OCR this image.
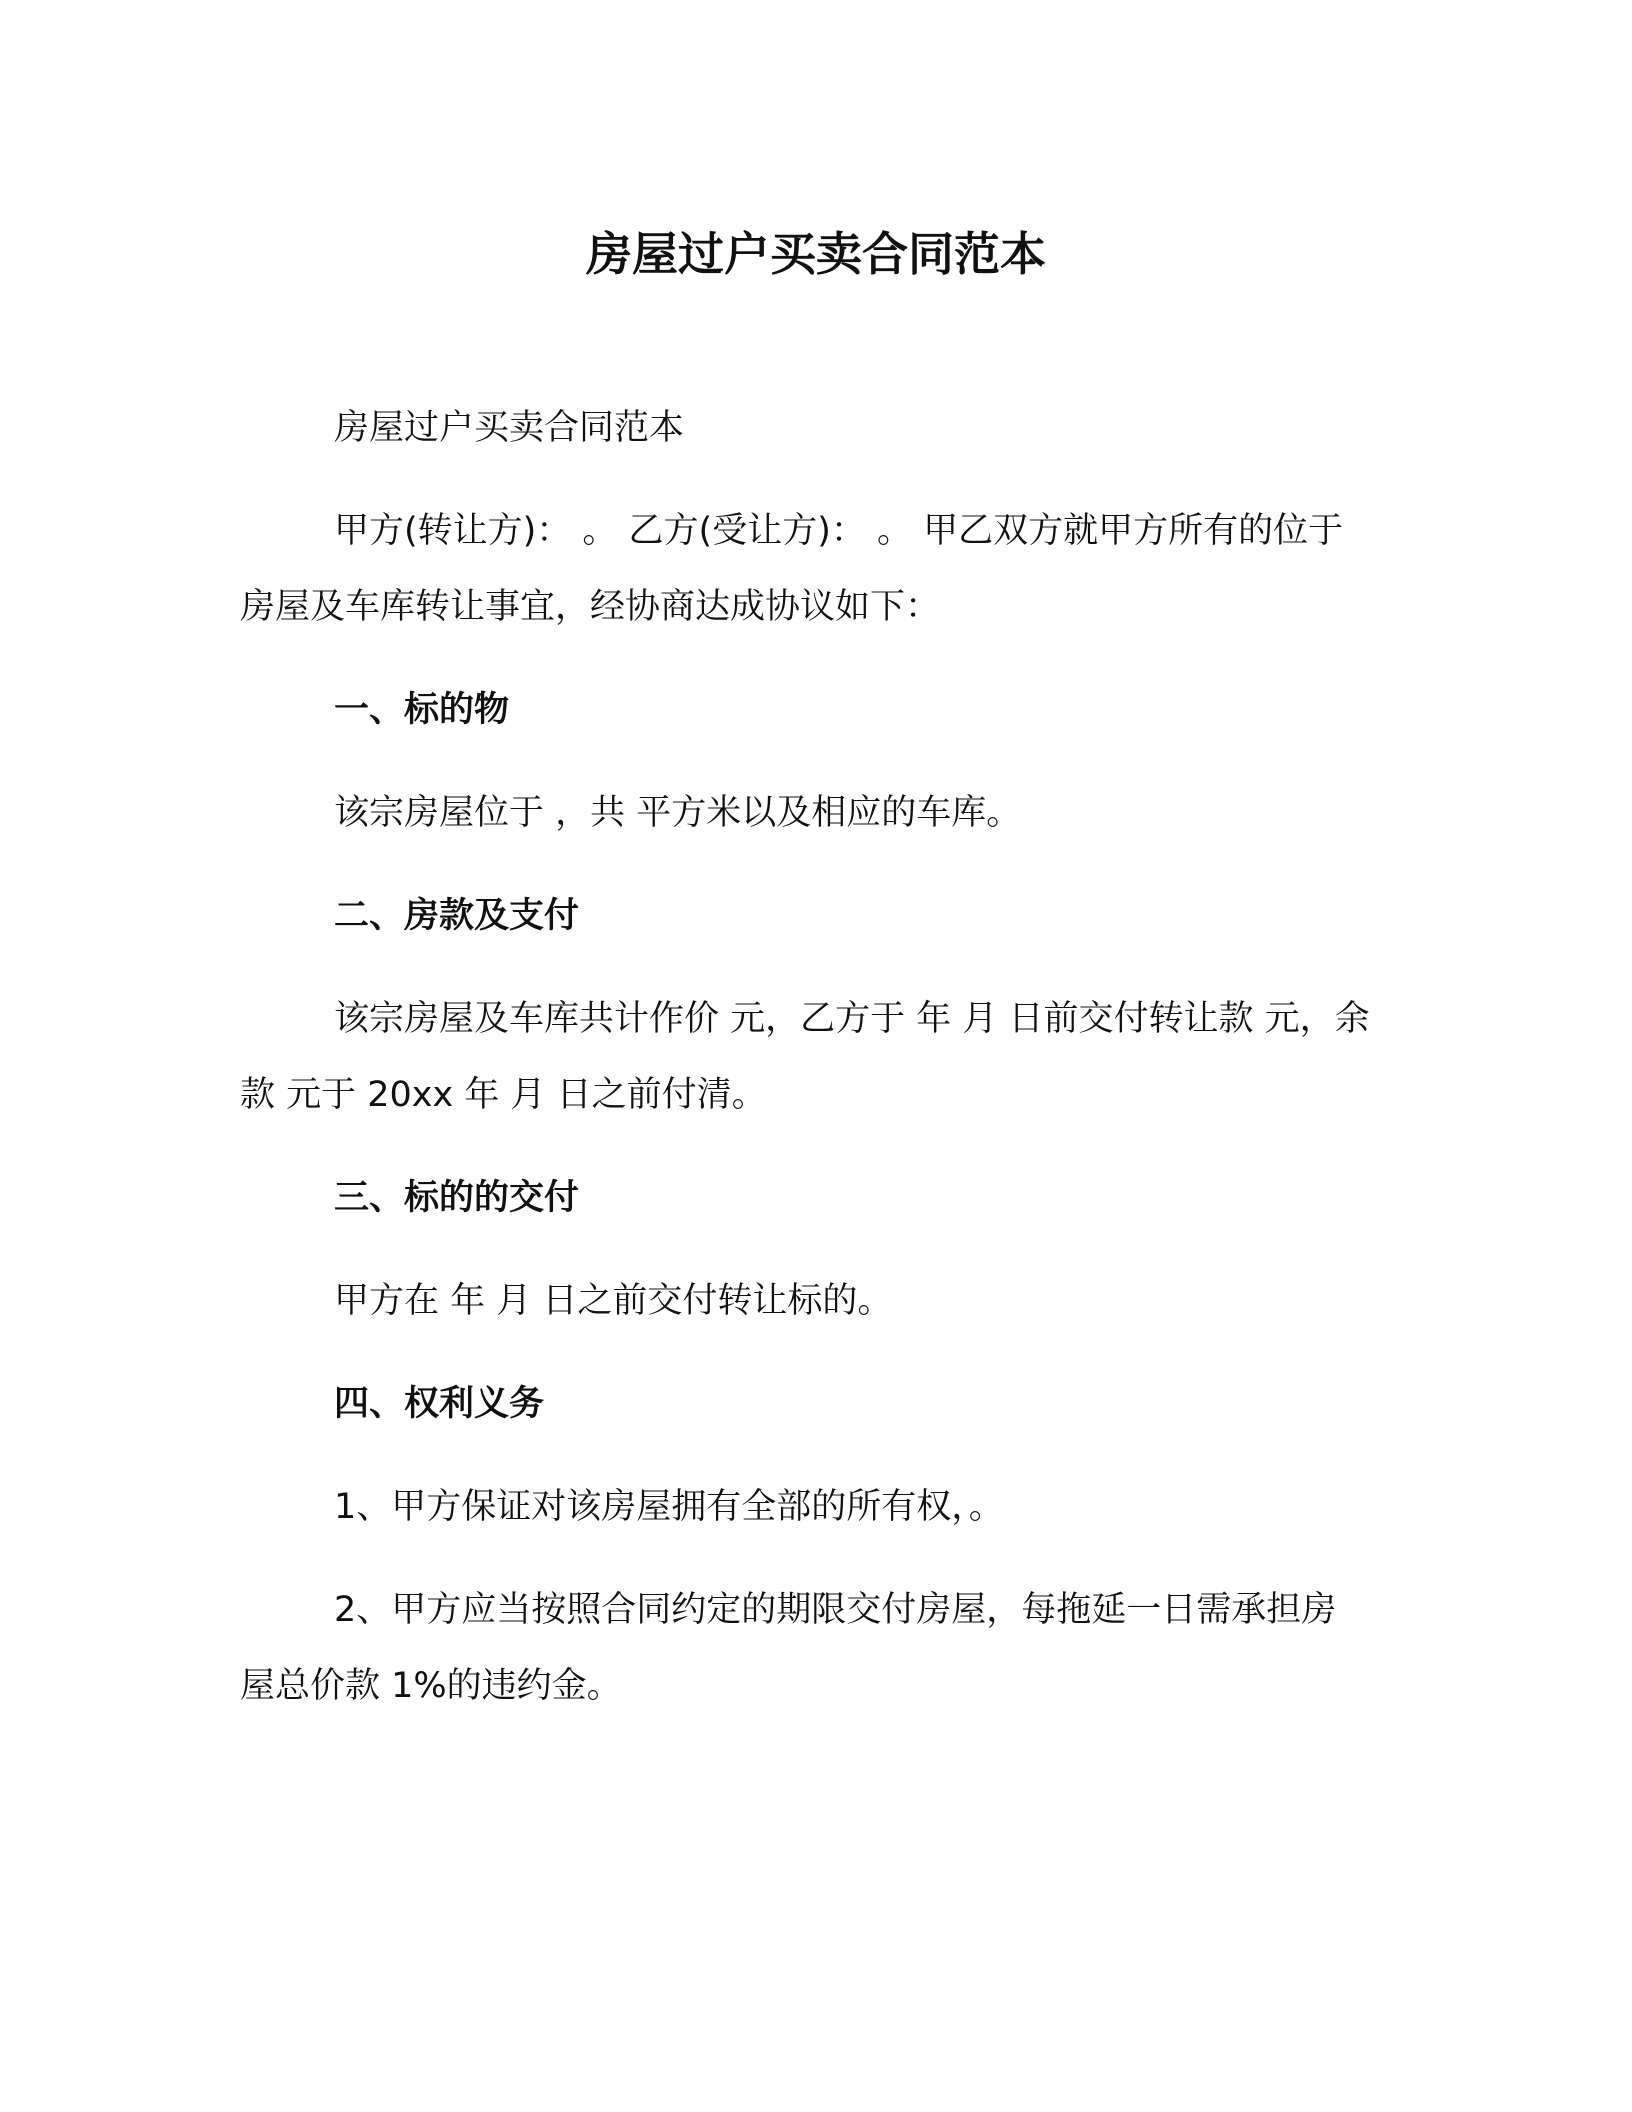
房屋过户买卖合同范本

房屋过户买卖合同范本

甲方(转让方)： 。 乙方(受让方)： 。 甲乙双方就甲方所有的位于 房屋及车库转让事宜，经协商达成协议如下：

一、标的物

该宗房屋位于 ，共 平方米以及相应的车库。

二、房款及支付

该宗房屋及车库共计作价 元，乙方于 年 月 日前交付转让款 元，余款 元于 20xx 年 月 日之前付清。

三、标的的交付

甲方在 年 月 日之前交付转让标的。

四、权利义务

1、甲方保证对该房屋拥有全部的所有权，。

2、甲方应当按照合同约定的期限交付房屋，每拖延一日需承担房屋总价款 1%的违约金。
